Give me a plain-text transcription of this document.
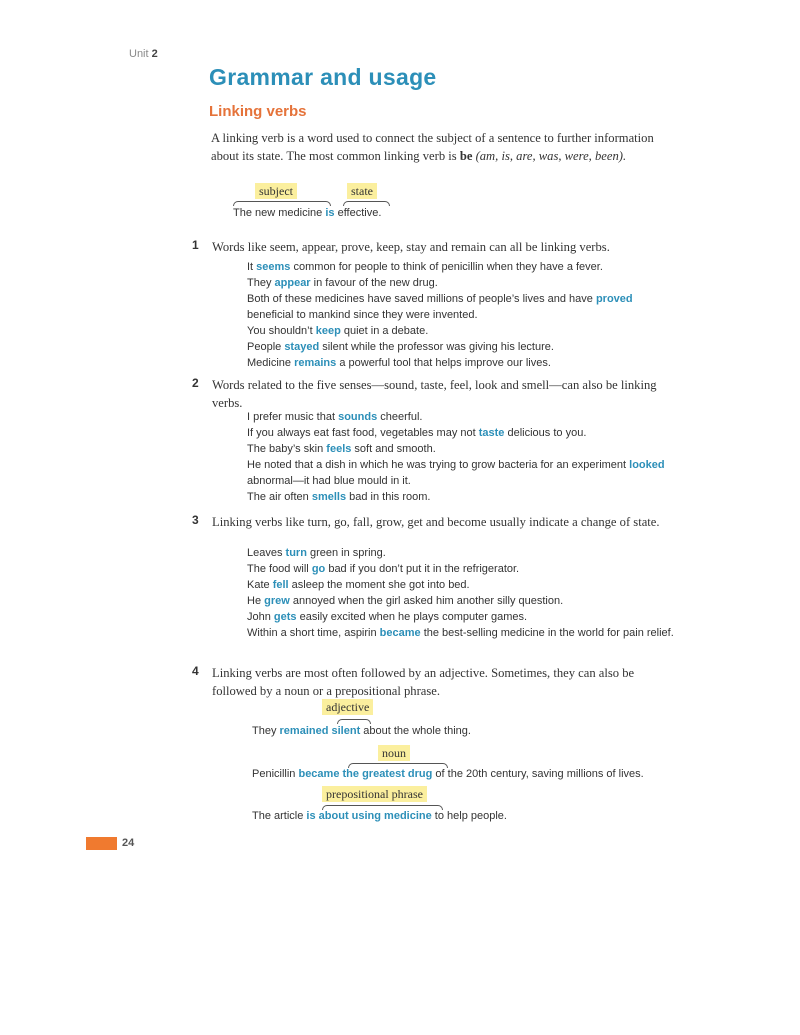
Unit 2
Grammar and usage
Linking verbs
A linking verb is a word used to connect the subject of a sentence to further information about its state. The most common linking verb is be (am, is, are, was, were, been).
subject	state
The new medicine is effective.
1 Words like seem, appear, prove, keep, stay and remain can all be linking verbs.
It seems common for people to think of penicillin when they have a fever.
They appear in favour of the new drug.
Both of these medicines have saved millions of people’s lives and have proved beneficial to mankind since they were invented.
You shouldn’t keep quiet in a debate.
People stayed silent while the professor was giving his lecture.
Medicine remains a powerful tool that helps improve our lives.
2 Words related to the five senses—sound, taste, feel, look and smell—can also be linking verbs.
I prefer music that sounds cheerful.
If you always eat fast food, vegetables may not taste delicious to you.
The baby’s skin feels soft and smooth.
He noted that a dish in which he was trying to grow bacteria for an experiment looked abnormal—it had blue mould in it.
The air often smells bad in this room.
3 Linking verbs like turn, go, fall, grow, get and become usually indicate a change of state.
Leaves turn green in spring.
The food will go bad if you don’t put it in the refrigerator.
Kate fell asleep the moment she got into bed.
He grew annoyed when the girl asked him another silly question.
John gets easily excited when he plays computer games.
Within a short time, aspirin became the best-selling medicine in the world for pain relief.
4 Linking verbs are most often followed by an adjective. Sometimes, they can also be followed by a noun or a prepositional phrase.
adjective
They remained silent about the whole thing.
noun
Penicillin became the greatest drug of the 20th century, saving millions of lives.
prepositional phrase
The article is about using medicine to help people.
24
